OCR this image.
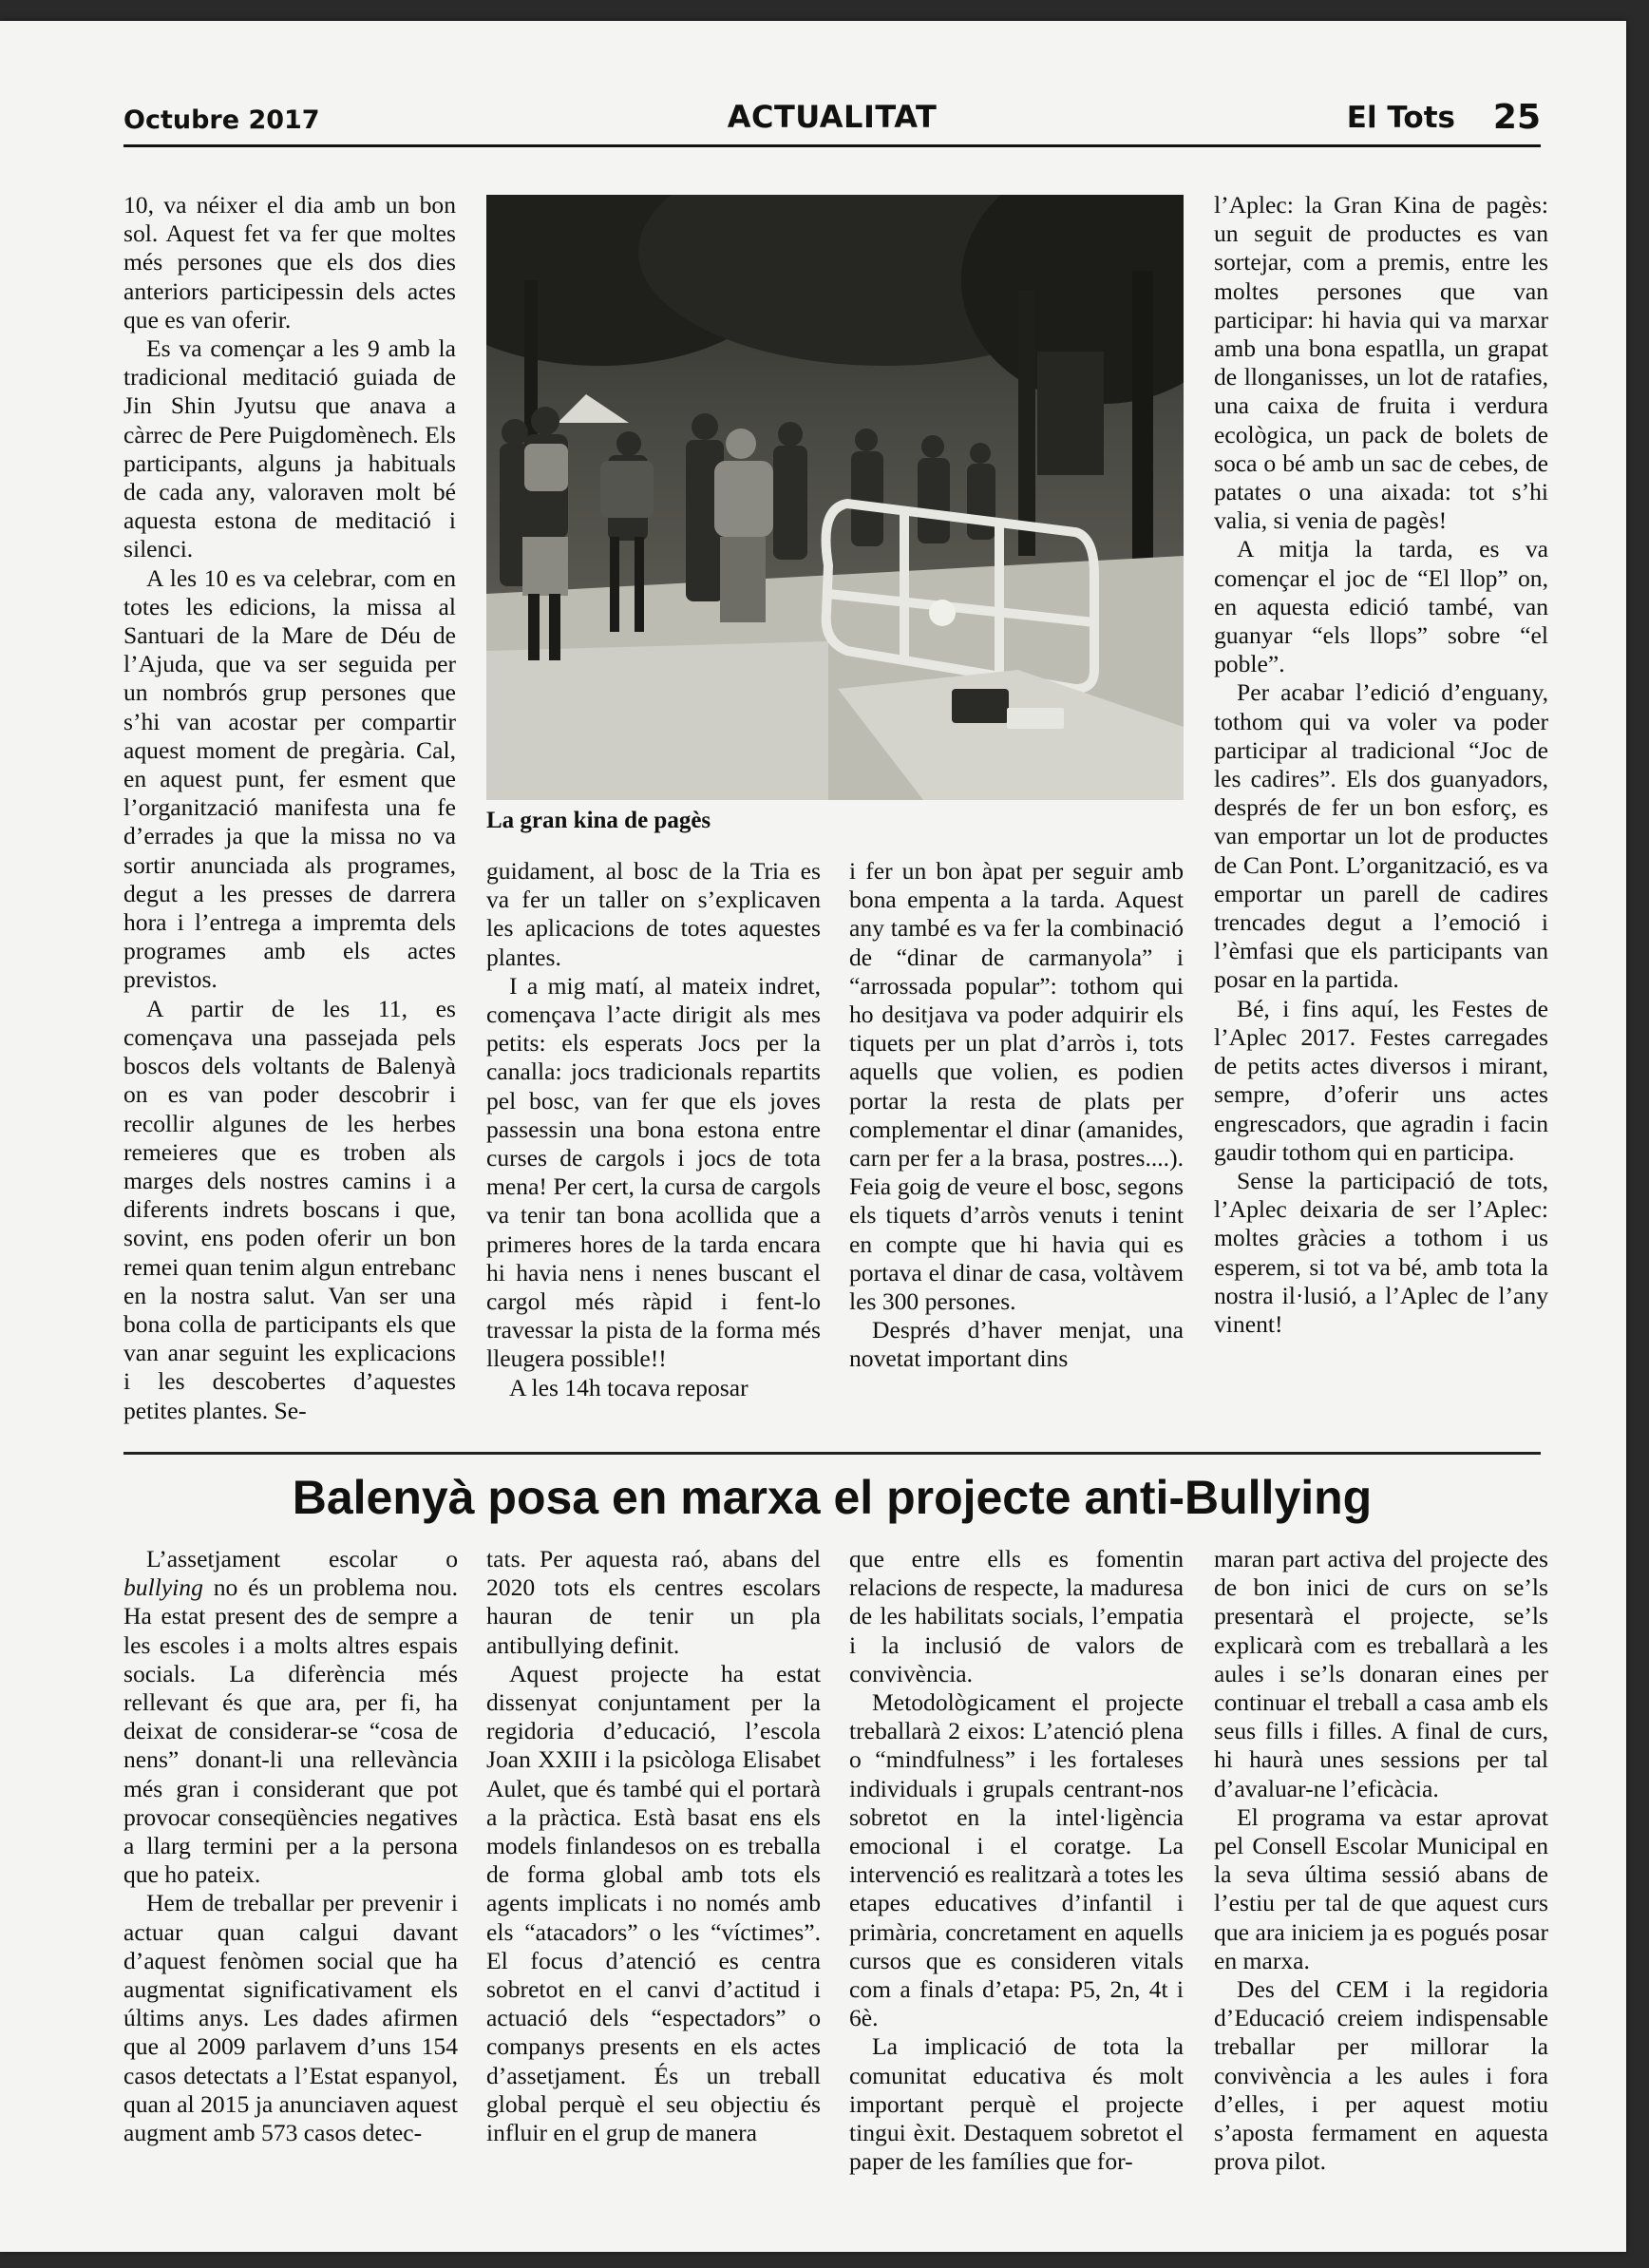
Octubre 2017	ACTUALITAT	El Tots 25

10, va néixer el dia amb un bon sol. Aquest fet va fer que moltes més persones que els dos dies anteriors participessin dels actes que es van oferir.

Es va començar a les 9 amb la tradicional meditació guiada de Jin Shin Jyutsu que anava a càrrec de Pere Puigdomènech. Els participants, alguns ja habituals de cada any, valoraven molt bé aquesta estona de meditació i silenci.

A les 10 es va celebrar, com en totes les edicions, la missa al Santuari de la Mare de Déu de l’Ajuda, que va ser seguida per un nombrós grup persones que s’hi van acostar per compartir aquest moment de pregària. Cal, en aquest punt, fer esment que l’organització manifesta una fe d’errades ja que la missa no va sortir anunciada als programes, degut a les presses de darrera hora i l’entrega a impremta dels programes amb els actes previstos.

A partir de les 11, es començava una passejada pels boscos dels voltants de Balenyà on es van poder descobrir i recollir algunes de les herbes remeieres que es troben als marges dels nostres camins i a diferents indrets boscans i que, sovint, ens poden oferir un bon remei quan tenim algun entrebanc en la nostra salut. Van ser una bona colla de participants els que van anar seguint les explicacions i les descobertes d’aquestes petites plantes. Se-

La gran kina de pagès

guidament, al bosc de la Tria es va fer un taller on s’explicaven les aplicacions de totes aquestes plantes.

I a mig matí, al mateix indret, començava l’acte dirigit als mes petits: els esperats Jocs per la canalla: jocs tradicionals repartits pel bosc, van fer que els joves passessin una bona estona entre curses de cargols i jocs de tota mena! Per cert, la cursa de cargols va tenir tan bona acollida que a primeres hores de la tarda encara hi havia nens i nenes buscant el cargol més ràpid i fent-lo travessar la pista de la forma més lleugera possible!!

A les 14h tocava reposar

i fer un bon àpat per seguir amb bona empenta a la tarda. Aquest any també es va fer la combinació de “dinar de carmanyola” i “arrossada popular”: tothom qui ho desitjava va poder adquirir els tiquets per un plat d’arròs i, tots aquells que volien, es podien portar la resta de plats per complementar el dinar (amanides, carn per fer a la brasa, postres....). Feia goig de veure el bosc, segons els tiquets d’arròs venuts i tenint en compte que hi havia qui es portava el dinar de casa, voltàvem les 300 persones.

Després d’haver menjat, una novetat important dins

l’Aplec: la Gran Kina de pagès: un seguit de productes es van sortejar, com a premis, entre les moltes persones que van participar: hi havia qui va marxar amb una bona espatlla, un grapat de llonganisses, un lot de ratafies, una caixa de fruita i verdura ecològica, un pack de bolets de soca o bé amb un sac de cebes, de patates o una aixada: tot s’hi valia, si venia de pagès!

A mitja la tarda, es va començar el joc de “El llop” on, en aquesta edició també, van guanyar “els llops” sobre “el poble”.

Per acabar l’edició d’enguany, tothom qui va voler va poder participar al tradicional “Joc de les cadires”. Els dos guanyadors, després de fer un bon esforç, es van emportar un lot de productes de Can Pont. L’organització, es va emportar un parell de cadires trencades degut a l’emoció i l’èmfasi que els participants van posar en la partida.

Bé, i fins aquí, les Festes de l’Aplec 2017. Festes carregades de petits actes diversos i mirant, sempre, d’oferir uns actes engrescadors, que agradin i facin gaudir tothom qui en participa.

Sense la participació de tots, l’Aplec deixaria de ser l’Aplec: moltes gràcies a tothom i us esperem, si tot va bé, amb tota la nostra il·lusió, a l’Aplec de l’any vinent!

Balenyà posa en marxa el projecte anti-Bullying

L’assetjament escolar o bullying no és un problema nou. Ha estat present des de sempre a les escoles i a molts altres espais socials. La diferència més rellevant és que ara, per fi, ha deixat de considerar-se “cosa de nens” donant-li una rellevància més gran i considerant que pot provocar conseqüències negatives a llarg termini per a la persona que ho pateix.

Hem de treballar per prevenir i actuar quan calgui davant d’aquest fenòmen social que ha augmentat significativament els últims anys. Les dades afirmen que al 2009 parlavem d’uns 154 casos detectats a l’Estat espanyol, quan al 2015 ja anunciaven aquest augment amb 573 casos detec-

tats. Per aquesta raó, abans del 2020 tots els centres escolars hauran de tenir un pla antibullying definit.

Aquest projecte ha estat dissenyat conjuntament per la regidoria d’educació, l’escola Joan XXIII i la psicòloga Elisabet Aulet, que és també qui el portarà a la pràctica. Està basat ens els models finlandesos on es treballa de forma global amb tots els agents implicats i no només amb els “atacadors” o les “víctimes”. El focus d’atenció es centra sobretot en el canvi d’actitud i actuació dels “espectadors” o companys presents en els actes d’assetjament. És un treball global perquè el seu objectiu és influir en el grup de manera

que entre ells es fomentin relacions de respecte, la maduresa de les habilitats socials, l’empatia i la inclusió de valors de convivència.

Metodològicament el projecte treballarà 2 eixos: L’atenció plena o “mindfulness” i les fortaleses individuals i grupals centrant-nos sobretot en la intel·ligència emocional i el coratge. La intervenció es realitzarà a totes les etapes educatives d’infantil i primària, concretament en aquells cursos que es consideren vitals com a finals d’etapa: P5, 2n, 4t i 6è.

La implicació de tota la comunitat educativa és molt important perquè el projecte tingui èxit. Destaquem sobretot el paper de les famílies que for-

maran part activa del projecte des de bon inici de curs on se’ls presentarà el projecte, se’ls explicarà com es treballarà a les aules i se’ls donaran eines per continuar el treball a casa amb els seus fills i filles. A final de curs, hi haurà unes sessions per tal d’avaluar-ne l’eficàcia.

El programa va estar aprovat pel Consell Escolar Municipal en la seva última sessió abans de l’estiu per tal de que aquest curs que ara iniciem ja es pogués posar en marxa.

Des del CEM i la regidoria d’Educació creiem indispensable treballar per millorar la convivència a les aules i fora d’elles, i per aquest motiu s’aposta fermament en aquesta prova pilot.
